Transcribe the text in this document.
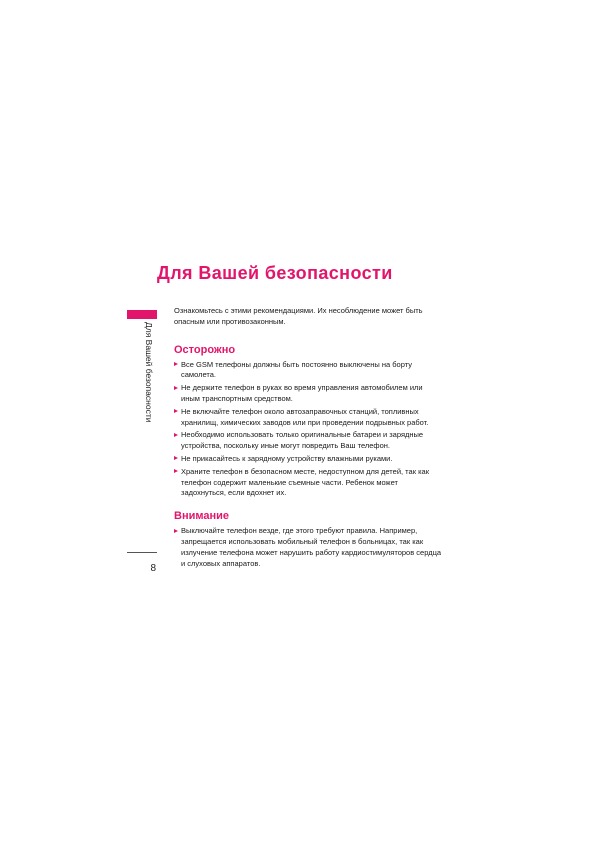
Для Вашей безопасности
Для Вашей безопасности

Ознакомьтесь с этими рекомендациями. Их несоблюдение может быть опасным или противозаконным.

Осторожно
Все GSM телефоны должны быть постоянно выключены на борту самолета.
Не держите телефон в руках во время управления автомобилем или иным транспортным средством.
Не включайте телефон около автозаправочных станций, топливных хранилищ, химических заводов или при проведении подрывных работ.
Необходимо использовать только оригинальные батареи и зарядные устройства, поскольку иные могут повредить Ваш телефон.
Не прикасайтесь к зарядному устройству влажными руками.
Храните телефон в безопасном месте, недоступном для детей, так как телефон содержит маленькие съемные части. Ребенок может задохнуться, если вдохнет их.
Внимание
Выключайте телефон везде, где этого требуют правила. Например, запрещается использовать мобильный телефон в больницах, так как излучение телефона может нарушить работу кардиостимуляторов сердца и слуховых аппаратов.
8
